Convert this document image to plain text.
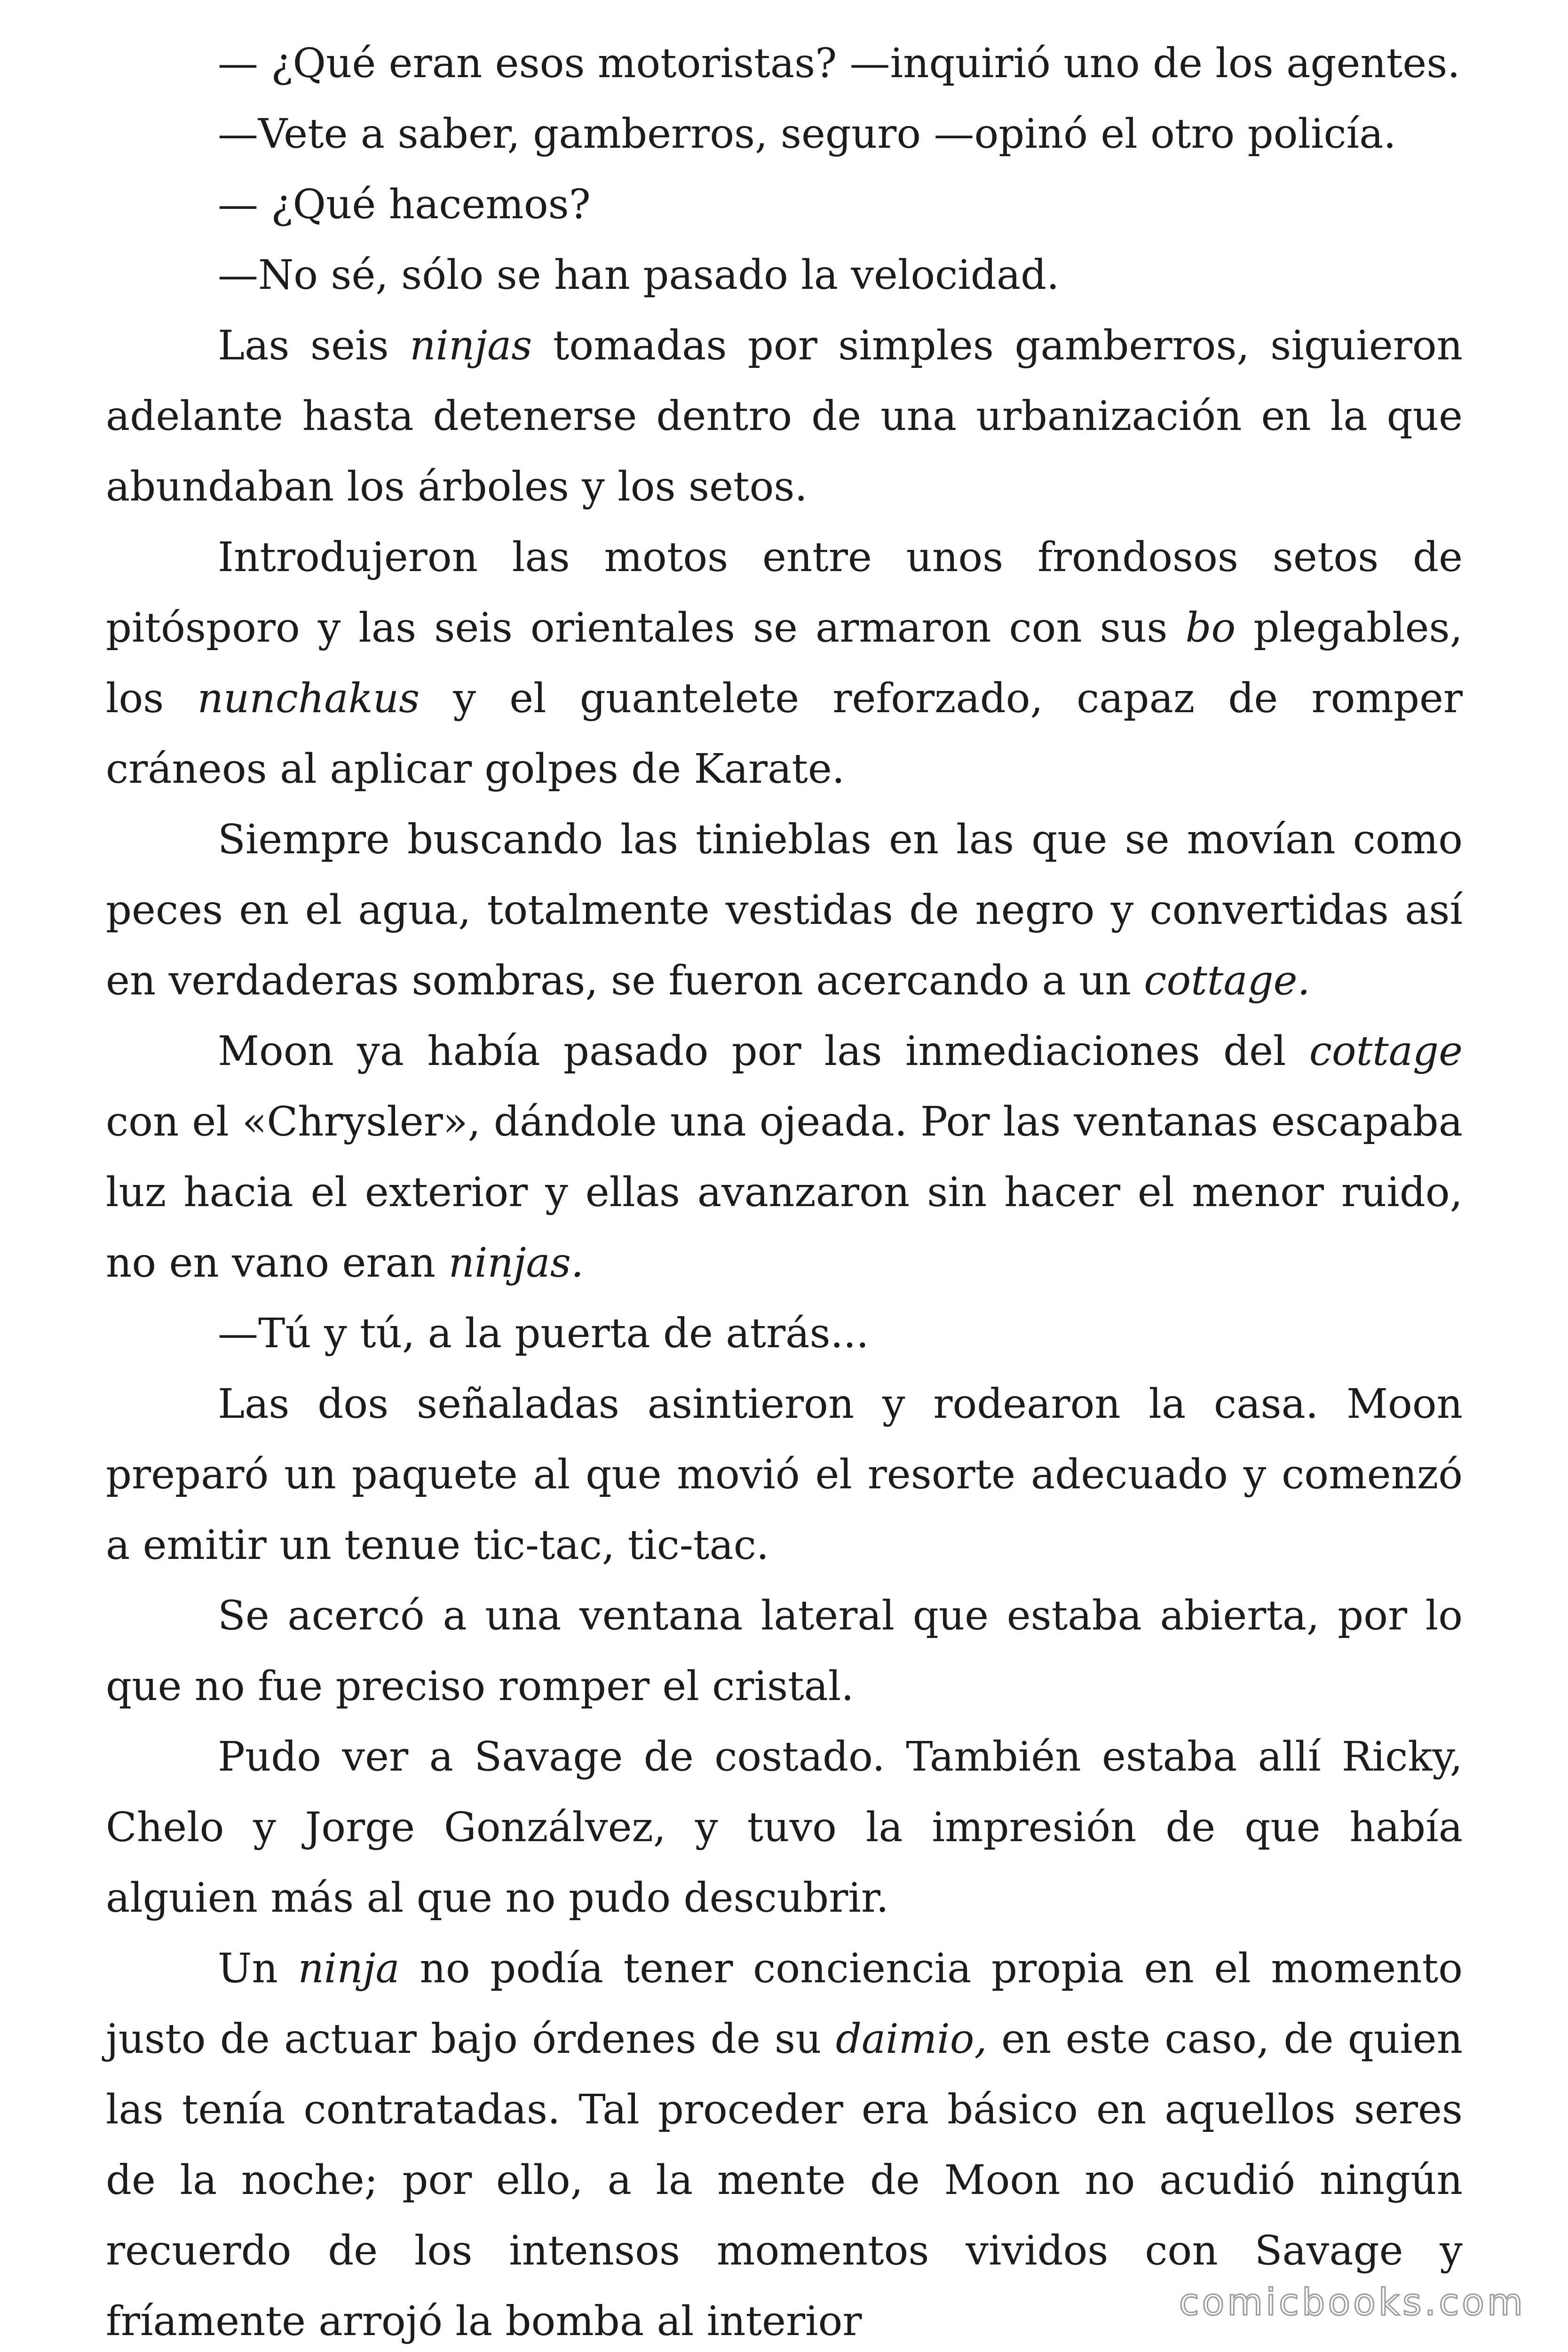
— ¿Qué eran esos motoristas? —inquirió uno de los agentes.

—Vete a saber, gamberros, seguro —opinó el otro policía.

— ¿Qué hacemos?

—No sé, sólo se han pasado la velocidad.

Las seis ninjas tomadas por simples gamberros, siguieron adelante hasta detenerse dentro de una urbanización en la que abundaban los árboles y los setos.

Introdujeron las motos entre unos frondosos setos de pitósporo y las seis orientales se armaron con sus bo plegables, los nunchakus y el guantelete reforzado, capaz de romper cráneos al aplicar golpes de Karate.

Siempre buscando las tinieblas en las que se movían como peces en el agua, totalmente vestidas de negro y convertidas así en verdaderas sombras, se fueron acercando a un cottage.

Moon ya había pasado por las inmediaciones del cottage con el «Chrysler», dándole una ojeada. Por las ventanas escapaba luz hacia el exterior y ellas avanzaron sin hacer el menor ruido, no en vano eran ninjas.

—Tú y tú, a la puerta de atrás...

Las dos señaladas asintieron y rodearon la casa. Moon preparó un paquete al que movió el resorte adecuado y comenzó a emitir un tenue tic-tac, tic-tac.

Se acercó a una ventana lateral que estaba abierta, por lo que no fue preciso romper el cristal.

Pudo ver a Savage de costado. También estaba allí Ricky, Chelo y Jorge Gonzálvez, y tuvo la impresión de que había alguien más al que no pudo descubrir.

Un ninja no podía tener conciencia propia en el momento justo de actuar bajo órdenes de su daimio, en este caso, de quien las tenía contratadas. Tal proceder era básico en aquellos seres de la noche; por ello, a la mente de Moon no acudió ningún recuerdo de los intensos momentos vividos con Savage y fríamente arrojó la bomba al interior	comicbooks.com
